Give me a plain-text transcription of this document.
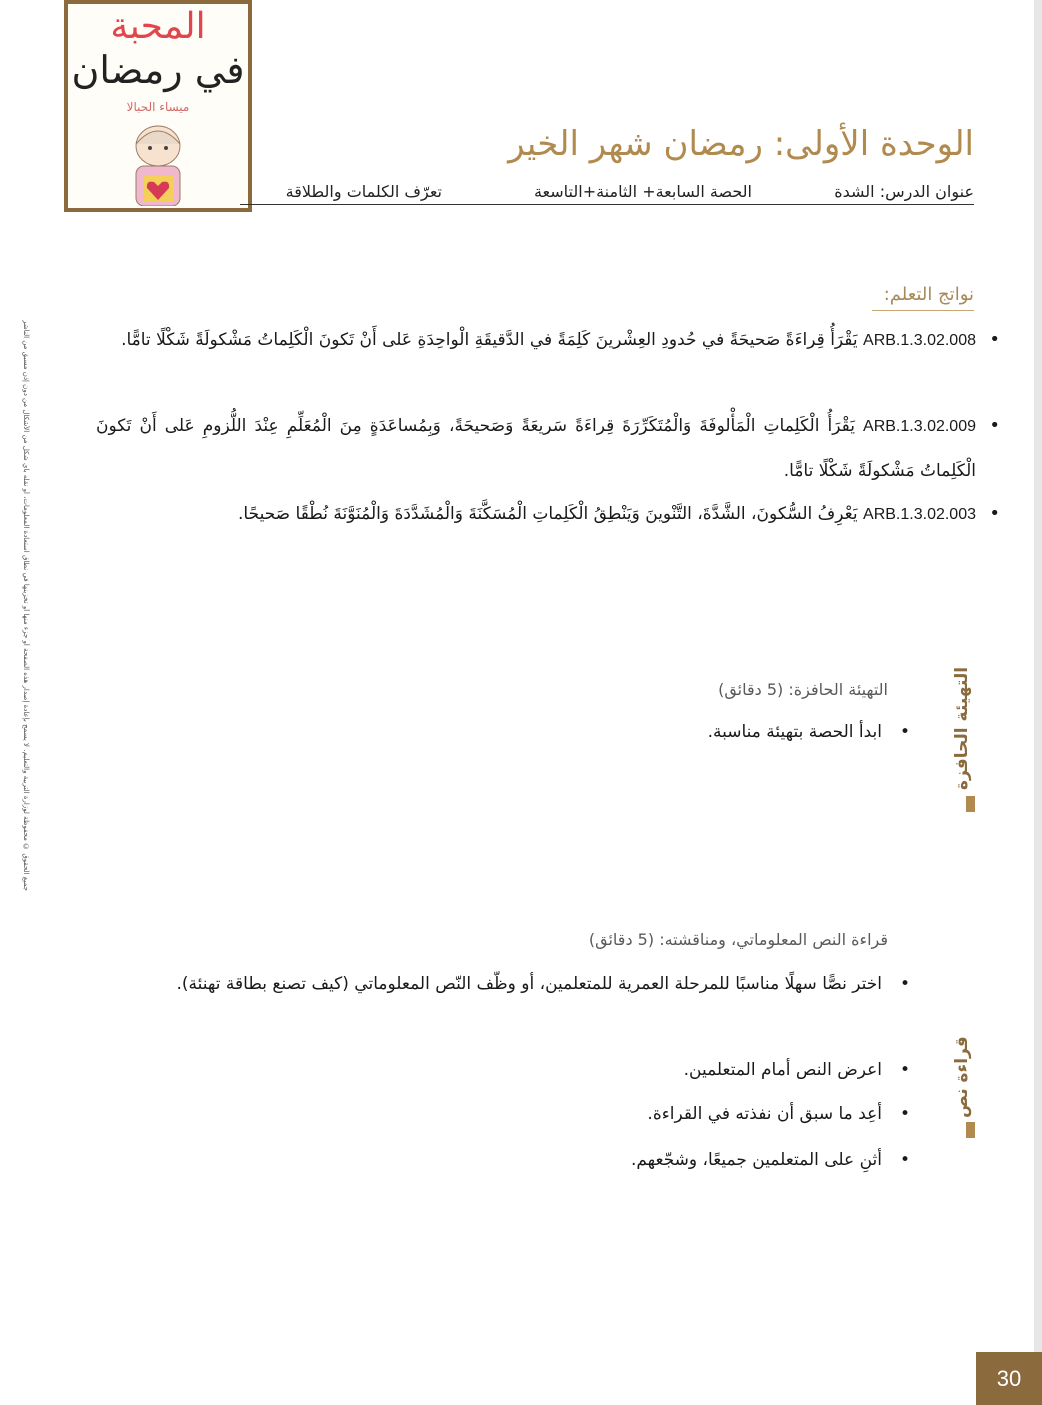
المحبة
في رمضان
ميساء الحبالا
الوحدة الأولى: رمضان شهر الخير
عنوان الدرس: الشدة
الحصة السابعة+ الثامنة+التاسعة
تعرّف الكلمات والطلاقة
نواتج التعلم:
•
ARB.1.3.02.008 يَقْرَأُ قِراءَةً صَحيحَةً في حُدودِ العِشْرينَ كَلِمَةً في الدَّقيقَةِ الْواحِدَةِ عَلى أَنْ تَكونَ الْكَلِماتُ مَشْكولَةً شَكْلًا تامًّا.
•
ARB.1.3.02.009 يَقْرَأُ الْكَلِماتِ الْمَأْلوفَةَ وَالْمُتَكَرِّرَةَ قِراءَةً سَريعَةً وَصَحيحَةً، وَبِمُساعَدَةٍ مِنَ الْمُعَلِّمِ عِنْدَ اللُّزومِ عَلى أَنْ تَكونَ الْكَلِماتُ مَشْكولَةً شَكْلًا تامًّا.
•
ARB.1.3.02.003 يَعْرِفُ السُّكونَ، الشَّدَّةَ، التَّنْوينَ وَيَنْطِقُ الْكَلِماتِ الْمُسَكَّنَةَ وَالْمُشَدَّدَةَ وَالْمُنَوَّنَةَ نُطْقًا صَحيحًا.
التهيئة الحافزة
التهيئة الحافزة: (5 دقائق)
•
ابدأ الحصة بتهيئة مناسبة.
قراءة نص
قراءة النص المعلوماتي، ومناقشته: (5 دقائق)
•
اختر نصًّا سهلًا مناسبًا للمرحلة العمرية للمتعلمين، أو وظّف النّص المعلوماتي (كيف تصنع بطاقة تهنئة).
•
اعرض النص أمام المتعلمين.
•
أعِد ما سبق أن نفذته في القراءة.
•
أثنِ على المتعلمين جميعًا، وشجّعهم.
جميع الحقوق © محفوظة لوزارة التربية والتعليم. لا يسمح بإعادة إصدار هذه الصفحة أو جزء منها أو تخزينها في نطاق استعادة المعلومات، أو نقله بأي شكل من الأشكال من دون إذن مسبق من الناشر
30
